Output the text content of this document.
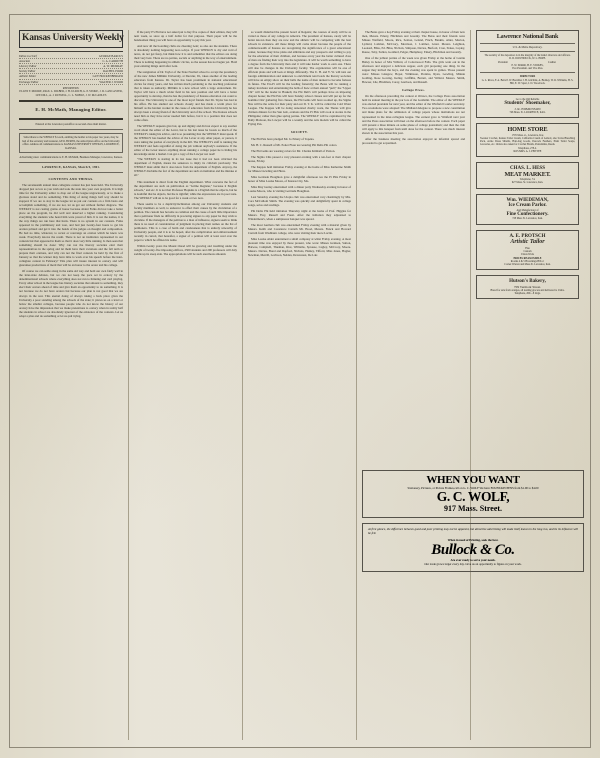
Kansas University Weekly
Editor-in-Chief	GEORGE BARCUS
Associate	C. A. CARRUTH
Literary Editor	A. W. MURRAY
Society Editor	RACHEL POOR
Athletic Editor	GUY HOCKENBERGER
Exchange Editor	WALTER J. WOOD
REPORTERS:
ELLEN F. MOORE, PAUL L. DILBER, J. H. ULRICH, G. P. STOKE, J. D. LANCASTER, LEE DILL, A. J. RUSSELL, C. L. NOBLE, J. W. McCANLES
E. H. McMath, Managing Editor.
Entered at the Lawrence postoffice as second-class mail matter.
Subscribers to the WEEKLY $1 each, entitling the holder to his paper two years, may be had of the secretary and treasurer, GEO. BURNS, the subscription office on the University office. Address all communications to KANSAS UNIVERSITY WEEKLY, LAWRENCE, KANSAS.
Advertising rates: communications to E. H. McMath, Business Manager, Lawrence, Kansas.
LAWRENCE, KANSAS, March 9, 1901.
CONTENTS AND THINGS.

The seventeenth annual inter-collegiate contest has just been held. The University dropped just as low as you wish and took the state into your own program. It is high time for the University editor to drop out of the league ungraciously, or to make a glorious stand and do something. This thing of doing things half way should be stopped. If we are to stay in the league let us put our contests on a firm basis and accomplish something, if we are not, let us get out without further disgrace. The WEEKLY is not casting grains of honor because abaint Folks did not take a better place on the program, he did well and deserved a higher ranking. Considering everything the students who heard him were proud of him. It is not the names, it is the way things are run here that hurts. There is no system in our contests. Folks appeared in the preliminary and won, and had just twenty-four hours to get his oration printed and get it into the hands of the judges on thought and composition. He had no time, whatever, to recast or rearrange an oration which he knew was weak. Everybody knows the result. There is not an institution represented in our contests but that appeared in them so that it does very little running. Is then seen that something should be done: Why can not the literary societies elect their representatives in the spring and let them have their vacations and the fall term to prepare their orations, and why can not the final contests be held by the first of January so that the winner may have time to work over his speech before the inter-collegiate contest in February? This plan will insure interest in oratory and will guarantee productions of merit that will be an honor to the orator and his college.

Of course we can settle along in the same old way and hold our own fairly well in the inter-state debates, but we can not keep the pace set in oratory by the denominational schools where everything does not run to thinning and card playing. Every other school in the league has literary societies that amount to something, they elect their orators ahead of time and give them an opportunity to do something. It is not because we do not have orators but because our plan is not good that we are always in the rear. This eternal doing of always taking a back place gives the University a poor standing among the schools of the state; it places us on a level or below the smaller colleges, because people who do not know the history of our oratory have the impression that we make pretentions to oratory when in reality half the students in school are absolutely ignorant of the existence of the contests. Let us adopt a plan and do something or let us quit trying.

If the party P's Phi have not asked put to buy five copies of their edition, they will next week, so store up a half dollar for that purpose. Their paper will be the handsomest thing you will have an opportunity to pay this year.

And now all the boarding clubs are cheering Lent; so also are the students. There is absolutely nothing happening now-a-days. If your WEEKLY is dry and void of news, do not get fussy, but think how it is and remember that the editors are doing their very best. There are no parties, socials or anything in the way of entertainment. There is nothing happening in athletic circles, so the season has not begun yet. Hold your existing things until after Lent.

The resignation of Dr. Taylor of the State Normal school to accept the presidency of the new James Millikin University, at Decatur, Ill., takes another of the leading educators from Kansas. Dr. Taylor has been prominent in national educational circles for many years, and has written much pertaining to the teaching profession that is taken as authority. Millikin is a new school with a large endowment. Dr. Taylor will have a much wider field in his new position and will have a better opportunity to develop, than he has the presidency of Kansas education can count to discover. The University is one of the most loyal friends that Dr. Taylor has had in his office. He has studied our schools closely and has made a warm place for himself as the hardest worker in the cause of education from the University he has always been a strong friend of the University and of the school. The Kansas schools need him as they have never needed him before, but it is a position that does not come often.

The WEEKLY requests give but, up and dignity and did not expect to say another word about the editor of the Lever, but to his last issue he boasts so much of the WEEKLY's taking his advice, and is so presuming that the WEEKLY must speak. If the WEEKLY has heeded the advice of the Lever at any other paper, or person, it were taking the pardon of everybody in the hill. The WEEKLY's staff is running the WEEKLY and feels regardful of doing the job without anybody's assistance. If the editor of the Lever knows anything about running a college paper he is hiding his knowledge under a bushel. Can get a copy of the Lawyer not read!

"The WEEKLY is starting in its last issue that it had not been criticized the department of English, means the sentences to imply its criticism previously. The WEEKLY must admit that it does know from the department of English. Anyway, the WEEKLY disclaims the fact of the department are such an institution and the mistake at all."

This statement is direct from the English department. What concerns the fact of the department are such an publication as "Grime Register," because it English schools," and etc. It is not that Professor Hopkins is a English that he objects, but he is doubtful that he objects, but the is rightful; while the expressions are in poor taste. The WEEKLY will un to be good for a week or two now.

There seems to be a duplicity/inclination among our University students and faculty members as well, to endeavor to effect their causes by the circulation of a petition. The custom has become as common and the cause of such little importance that a petitioner finds no difficulty in procuring signers to any paper he may wish to circulate. If the managers of the petition to a man of influence, signers seem to think there is no need of consideration of judgment in placing their names on the list of petitioners. This is a case of harm and carelessness that is entirely unworthy of University people, and it is to be hoped, after the complication and embarrassment recently in curred, that hereafter, a signer of a petition will at least read over the paper to which he affixes his name.

Within twenty years the Mount Oread will be growing and troubling under the weight of twenty-five imposing edifices, 2500 students and 200 professors will duly saddle up its steep side. The appropriations will be such enormous amounts

so would disturbed the present board of Regents; the courses of study will be as varied as those of any college in America. The president of Kansas, rarely will be better known then they are now and the athletic will be competing with the best schools in existence. All these things will come about because the people of the commonwealth of Kansas are recognizing the significance of a great educational center, because they have plans and ambitions and any prospects and willing to pay for the education of their children, and because every year the better cultured class of men are finding their way into the legislature. It will be worth something to have a degree from the University then and it will take harder work to earn one. There will also be changes in the University faculty. The organization will be one of efficient plans and will look at things differently. The U. H. and Y. W. will turn out foreign administration and unknown to enrichment tend loads the literary societies will have an empty show on their halls the name of men decked to become famous in future. The Era.Pi will be the leading fraternity; the Betas will be running a turkey incubator and entertaining the bells of Kew at their annual "pull;" the "Upper Chi" will be the leader in Haskell, the Phi Delt's will perhaps have an imposing chapter house; the Phi Psis will have Sunday school classes and will put up for the Gamma Chis' gathering five classes, the Phi Gams will have roomed up, the Sigma Nus will be the acme for their piety and our D. T. K. will be called the Cold Water League. The Kappas will be doing annotated charity work, the Thetas will give chicken dinners for the Sun Gab, orations and the Pi Phis will cook at stories in the Philippine; rather than glue spring parties. The WEEKLY will be capitalized by the Daily Mattoon, the Lawyer will be a weekly and the Arts models will be called the Frying Pan.

SOCIETY.

The Phi Psis have pledged Mr. Jo Emery of Topeka.

Mr. H. C. Russell of Mt. Potter Flour are wearing Phi Delta Phi colors.

The Phi Gams are wearing colors for Mr. Charles Kimball of Paxton.

The Sigma Chis passed a very pleasant evening with a ten-foot at their chapter house, Friday.

The Kappas held initiation Friday evening at the home of Miss Katherine Smith for Misses Liewling and Hons.

Miss Gertrude Houghton gave a delightful afternoon tea the Pi Phis Friday in honor of Miss Louise Moore, of Kansas City, Mo.

Miss May Gurley entertained with a dinner party Wednesday evening in honor of Louise Moore, who is visiting Gertrude Houghton.

Last Saturday evening the Utopia club was entertained very charmingly by Mrs. Cora McCullom Smith. The evening was quickly and delightfully spent in college songs, solos and readings.

Phi Delta Phi held initiation Thursday night at the home of Prof. Higgins for Messrs. Frey, Russell and Foust. After the initiation they adjourned to Windermere's, when a sumptuous banquet was spread.

The most German club was entertained Friday evening with a musical given by Messrs. Keith and Constance Carruth Mr. Hood, Messrs. Funck and Howard Carruth from Washburn college, who were visiting their niece Lucile.

Miss Louise Alder entertained a small company at whist Friday evening. A most pleasant time was enjoyed by those present, who were: Misses Grahsen, Sutton, Hatwee, Campbell, Thieman, Rice, Williams, Sprouse, Cagley, McCrory, Moore. Messrs. Davies, Bond and Rapford, Nichols, Hanley, Tifford, Miss Jones, Hagler, Newman, Merrill, Levitson, Nelden, Devereaux, De Lair.

The Betas gave a hop Friday evening at their chapter house, in honor of their new men, Messrs. Emery, Hitchman and Greenly. The Betas and their friends were Misses Warfield, Moore, Rice, Sexton, Leland, Finch, Bankin, Alder, Morton, Lydiard, Latimer, McCrory, Morrison, J. Latimer, Grant. Messrs. Leighton, Leonard, Bliss, Ed. Bliss, Nichols, Simpson, Davies, Burford, Cron, Stalee, Copley, Rouse, Toby, Sullon, Goddard, Pelger, Humphrey, Emery, Hitchman and Greenly.

One of the jolliest parties of the week was given Friday at the home of Grettie Bailey in honor of Mrs Willard, of Cottonwood Falls. The girls went out in the afternoon and enjoyed a delicious supper, each girl preparing one thing. In the supper they invited the boys, and the evening was spent in games. Those present were: Misses Glasgow, Boyer, Wilkinson, Prentiss, Ryan, Gowling, Minnie Golding, Rose Gowing, Kelley, Griffiths, Barrett, and Willard. Messrs. Smith, Bowser, Lile, Hindman, Corey, Garrison, and Russell.

College Press.

On the afternoon preceding the contest at Ottawa, the College Press association held its annual meeting in the par lors of the Goldsmit. The editor of the WEEKLY was elected president for next year, and the editor of the Winfield Courier secretary. Two resolutions were adopted: The Midland delegate to propose a new constitution and make plans for the admission of college papers whose institutions are not represented in the inter-collegiate league. The earnest gave to Winfield next year and the Press association will meet on the afternoon before the contest. Each paper will present a three minute on some phase of college journalism; and then the club will apply to this banquet from until done for the contest. There was much interest shown in the association this year.

After the business meeting the association enjoyed an informal spread and proceeded to get acquainted.

Lawrence National Bank
U.S. & Malte Depository.
The security of the depositors is in the integrity of the bank's directors and officers.
D. D. DOWNDUCK, W. L. HOPE.
President	Cashier
E. W. SPARR, H. E. STOKES,
Vice President. and Vice Pres.
DIRECTORS
G. L. Rives, F. A. Betts P. W. Barstilter J. H. Gilchrist, A. Bickley, W. R. Williams, H. S. Hill, E. W. Sparr, J. D. Woodcock.
Go to the Old Reliable
Students' Shoemaker,
J. R. EDMUNSON
746 Mass. St. LAWRENCE, KAS.
HOME STORE
1705 Mass. st., Lawrence, Kas
Sweater Crochet, Kansas Toilet Cream, California Cream of Lemon; also Swiss Bleaching Pack, Acme Dress Shields, Hair-dug Goods, Peacock Feathers, Plain Toilet Soaps, Groceries, etc. Orders also taken for Crochet Braids, Pantomime, Reeds.
Telephone, 278-2.
ROS MRS. A. J. PEITTEE
CHAS. L. HESS
MEAT MARKET.
Telephone, 74.
927 Mass. St. Lawrence, Kan.
Wm. WIEDEMAN,
Ice Cream Parlor.
And Manufacturer of
Fine Confectionery.
728 Mass St. Lawrence, Kan.
A. E. PROTSCH
Artistic Tailor
Fine
Custom
Union Work
PRICES REASONABLE
Rooms 4 & 5 Brownings Bl'k 2.
Corner Warren and Mass.St. Lawrence, Kan.
Hutson's Bakery,
709 Vermont Street.
Bread for sale from oranges, all leading grocers and delivered to Clubs.
Telephone, 269—8 rings.
WHEN YOU WANT
Stationery, Pictures, or Picture Frames,call on G. C. WOLF We have FOUNTAIN PENS from $1.00 to $4.00
G. C. WOLF,
917 Mass. Street.
At first glance, the difference between good and poor printing may not be apparent, but attractive advertising will make itself known in the long run, and its its influence will be felt.
When in need of Printing, seek the best.
Bullock & Co.
Are ever ready to serve your needs.
Our trade grows larger every day. Give us an opportunity to figure on your work.
